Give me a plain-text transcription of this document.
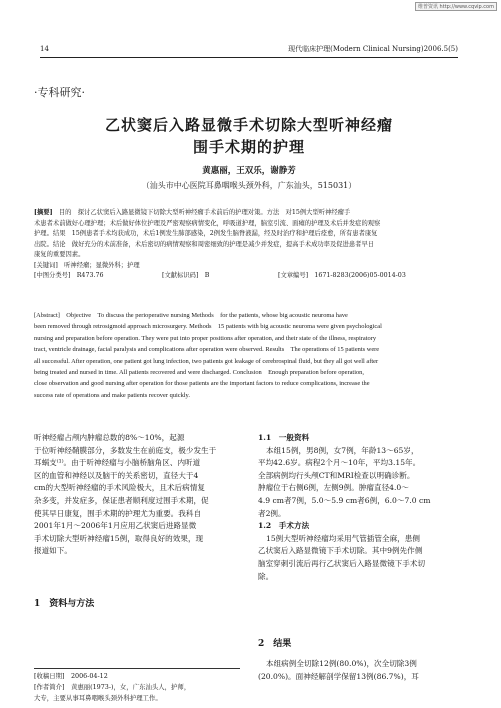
维普资讯 http://www.cqvip.com
14	现代临床护理(Modern Clinical Nursing)2006.5(5)
·专科研究·
乙状窦后入路显微手术切除大型听神经瘤
围手术期的护理
黄惠丽，王双乐，谢静芳
（汕头市中心医院耳鼻咽喉头颈外科，广东汕头，515031）
[摘要]　 目的　探讨乙状窦后入路显微镜下切除大型听神经瘤手术前后的护理对策。方法　对15例大型听神经瘤手
术患者术前做好心理护理；术后做好体位护理及严密观察病情变化，呼吸道护理，脑室引流、面瘫的护理及术后并发症的观察
护理。结果　15例患者手术均获成功，术后1例发生肺部感染，2例发生脑脊液漏，经及时治疗和护理后痊愈，所有患者康复
出院。结论　做好充分的术前准备，术后密切的病情观察和周密细致的护理是减少并发症，提高手术成功率及促进患者早日
康复的重要因素。
[关键词]　听神经瘤；显微外科；护理
[中图分类号]　R473.76	[文献标识码]　B	[文章编号]　1671-8283(2006)05-0014-03
[Abstract]　Objective　To discuss the perioperative nursing Methods　for the patients, whose big acoustic neuroma have
been removed through retrosigmoid approach microsurgery. Methods　15 patients with big acoustic neuroma were given psychological
nursing and preparation before operation. They were put into proper positions after operation, and their state of the illness, respiratory
tract, ventricle drainage, facial paralysis and complications after operation were observed. Results　The operations of 15 patients were
all successful. After operation, one patient got lung infection, two patients got leakage of cerebrospinal fluid, but they all got well after
being treated and nursed in time. All patients recovered and were discharged. Conclusion　Enough preparation before operation,
close observation and good nursing after operation for those patients are the important factors to reduce complications, increase the
success rate of operations and make patients recover quickly.
听神经瘤占颅内肿瘤总数的8%～10%，起源
于位听神经鞘膜部分，多数发生在前庭支，极少发生于
耳蜗支⁽¹⁾。由于听神经瘤与小脑桥脑角区、内听道
区的血管和神经以及脑干的关系密切，直径大于4
cm的大型听神经瘤的手术风险极大，且术后病情复
杂多变，并发症多，保证患者顺利度过围手术期，促
使其早日康复，围手术期的护理尤为重要。我科自
2001年1月～2006年1月应用乙状窦后进路显微
手术切除大型听神经瘤15例，取得良好的效果，现
报道如下。
1　资料与方法
[收稿日期]　2006-04-12
[作者简介]　黄惠丽(1973-)，女，广东汕头人，护师，
大专，主要从事耳鼻咽喉头颈外科护理工作。
1.1　一般资料
本组15例，男8例，女7例，年龄13～65岁，
平均42.6岁。病程2个月～10年，平均3.15年。
全部病例均行头颅CT和MRI检查以明确诊断。
肿瘤位于右侧6例，左侧9例。肿瘤直径4.0～
4.9 cm者7例，5.0～5.9 cm者6例，6.0～7.0 cm
者2例。
1.2　手术方法
15例大型听神经瘤均采用气管插管全麻，患侧
乙状窦后入路显微镜下手术切除。其中9例先作侧
脑室穿刺引流后再行乙状窦后入路显微镜下手术切
除。
2　结果
本组病例全切除12例(80.0%)，次全切除3例
(20.0%)。面神经解剖学保留13例(86.7%)，耳
